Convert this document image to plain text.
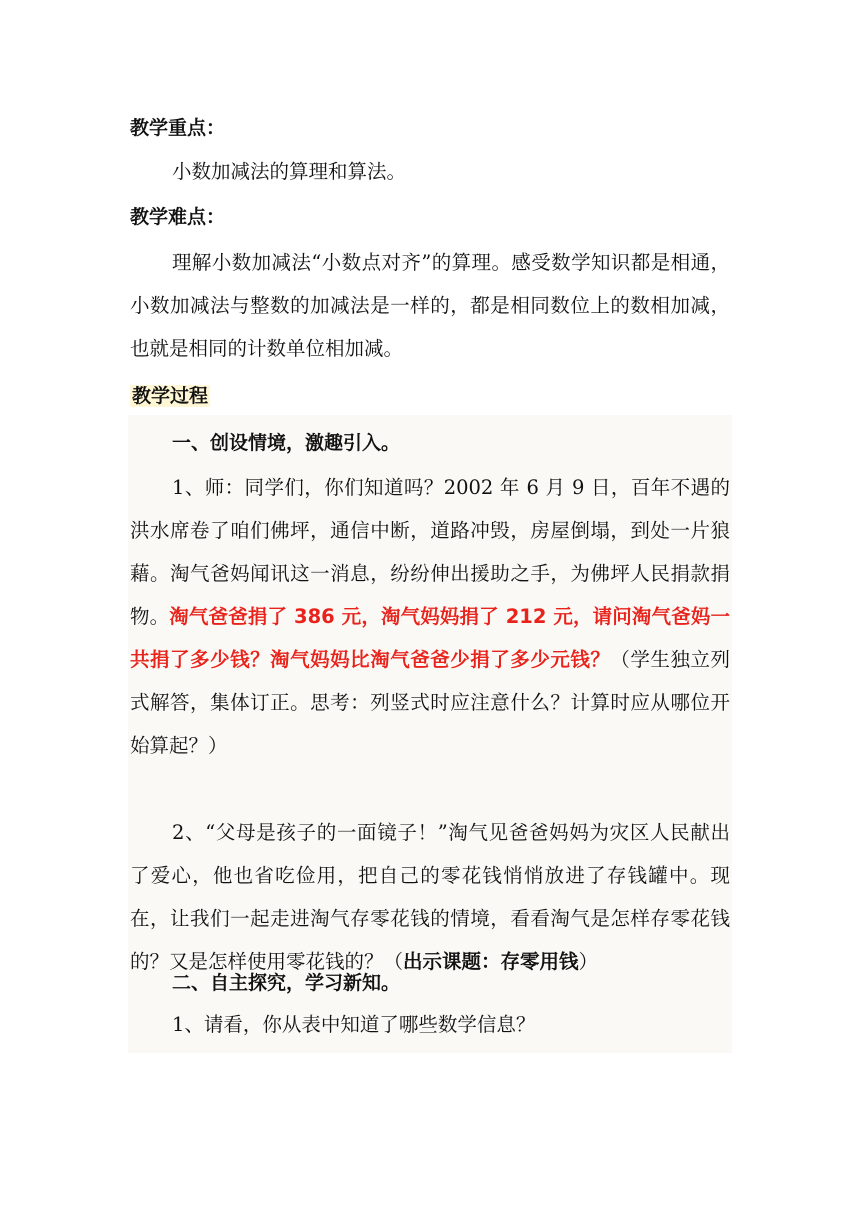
教学重点：

小数加减法的算理和算法。

教学难点：

理解小数加减法“小数点对齐”的算理。感受数学知识都是相通，小数加减法与整数的加减法是一样的，都是相同数位上的数相加减，也就是相同的计数单位相加减。

教学过程

一、创设情境，激趣引入。

1、师：同学们，你们知道吗？2002 年 6 月 9 日，百年不遇的洪水席卷了咱们佛坪，通信中断，道路冲毁，房屋倒塌，到处一片狼藉。淘气爸妈闻讯这一消息，纷纷伸出援助之手，为佛坪人民捐款捐物。淘气爸爸捐了 386 元，淘气妈妈捐了 212 元，请问淘气爸妈一共捐了多少钱？淘气妈妈比淘气爸爸少捐了多少元钱？（学生独立列式解答，集体订正。思考：列竖式时应注意什么？计算时应从哪位开始算起？）

2、“父母是孩子的一面镜子！”淘气见爸爸妈妈为灾区人民献出了爱心，他也省吃俭用，把自己的零花钱悄悄放进了存钱罐中。现在，让我们一起走进淘气存零花钱的情境，看看淘气是怎样存零花钱的？又是怎样使用零花钱的？（出示课题：存零用钱）

二、自主探究，学习新知。

1、请看，你从表中知道了哪些数学信息？
